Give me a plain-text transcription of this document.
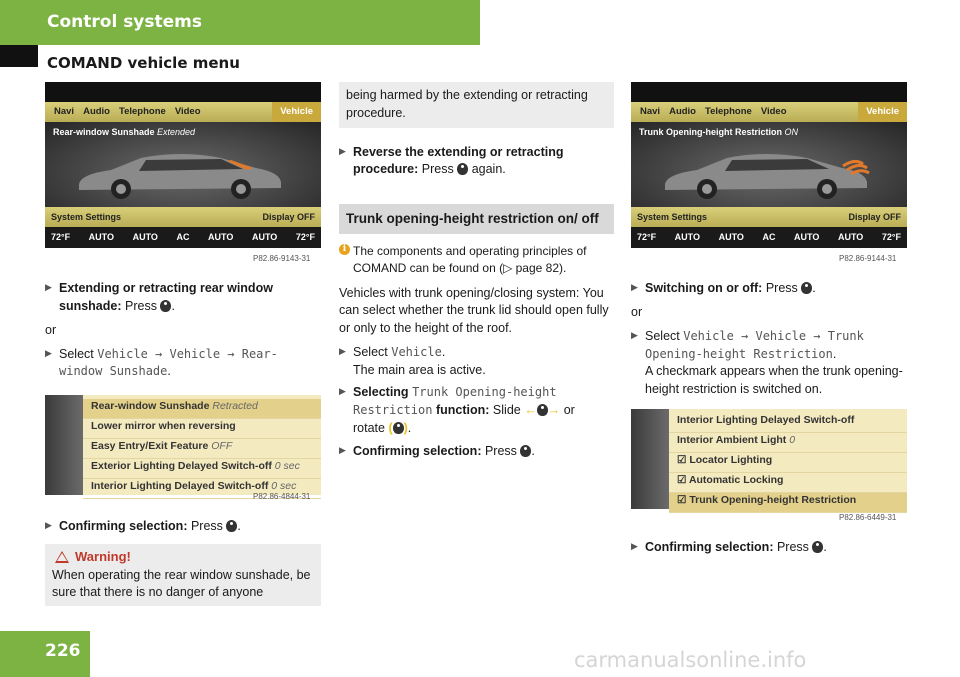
Control systems
COMAND vehicle menu
Navi Audio Telephone Video	Vehicle
Rear-window Sunshade Extended
System Settings	Display OFF
72°F AUTO AUTO AC AUTO AUTO 72°F
P82.86-9143-31
▶ Extending or retracting rear window sunshade: Press .
or
▶ Select Vehicle → Vehicle → Rear-window Sunshade.
Rear-window Sunshade Retracted
Lower mirror when reversing
Easy Entry/Exit Feature OFF
Exterior Lighting Delayed Switch-off 0 sec
Interior Lighting Delayed Switch-off 0 sec
P82.86-4844-31
▶ Confirming selection: Press .
Warning!
When operating the rear window sunshade, be sure that there is no danger of anyone
being harmed by the extending or retracting procedure.
▶ Reverse the extending or retracting procedure: Press again.
Trunk opening-height restriction on/ off
i The components and operating principles of COMAND can be found on (▷ page 82).
Vehicles with trunk opening/closing system: You can select whether the trunk lid should open fully or only to the height of the roof.
▶ Select Vehicle.
The main area is active.
▶ Selecting Trunk Opening-height Restriction function: Slide ← → or
rotate ( ).
▶ Confirming selection: Press .
Navi Audio Telephone Video	Vehicle
Trunk Opening-height Restriction ON
System Settings	Display OFF
72°F AUTO AUTO AC AUTO AUTO 72°F
P82.86-9144-31
▶ Switching on or off: Press .
or
▶ Select Vehicle → Vehicle → Trunk Opening-height Restriction.
A checkmark appears when the trunk opening-height restriction is switched on.
Interior Lighting Delayed Switch-off
Interior Ambient Light 0
☑ Locator Lighting
☑ Automatic Locking
☑ Trunk Opening-height Restriction
P82.86-6449-31
▶ Confirming selection: Press .
226	carmanualsonline.info
